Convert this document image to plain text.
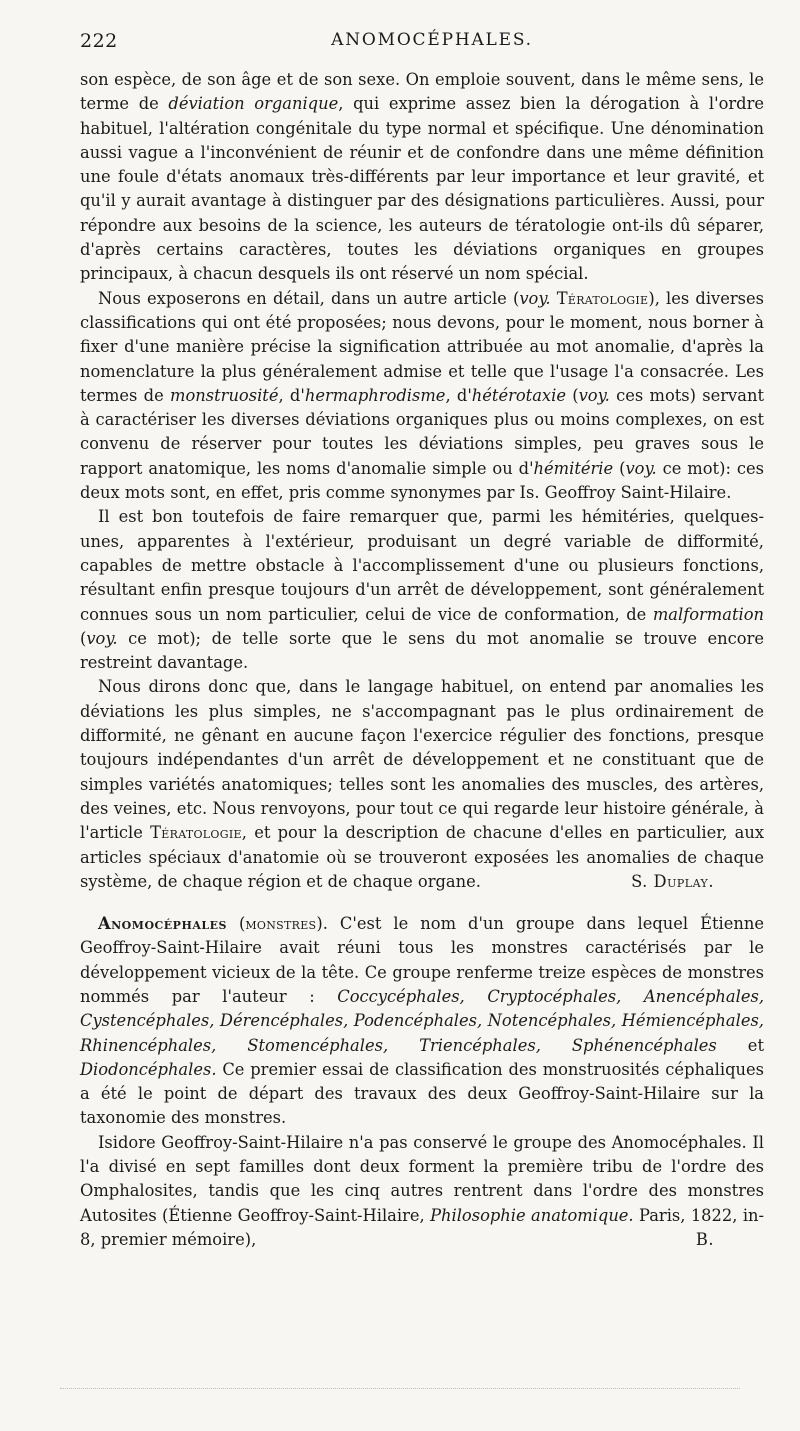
222	ANOMOCÉPHALES.

son espèce, de son âge et de son sexe. On emploie souvent, dans le même sens, le terme de déviation organique, qui exprime assez bien la dérogation à l'ordre habituel, l'altération congénitale du type normal et spécifique. Une dénomination aussi vague a l'inconvénient de réunir et de confondre dans une même définition une foule d'états anomaux très-différents par leur importance et leur gravité, et qu'il y aurait avantage à distinguer par des désignations particulières. Aussi, pour répondre aux besoins de la science, les auteurs de tératologie ont-ils dû séparer, d'après certains caractères, toutes les déviations organiques en groupes principaux, à chacun desquels ils ont réservé un nom spécial.

Nous exposerons en détail, dans un autre article (voy. Tératologie), les diverses classifications qui ont été proposées; nous devons, pour le moment, nous borner à fixer d'une manière précise la signification attribuée au mot anomalie, d'après la nomenclature la plus généralement admise et telle que l'usage l'a consacrée. Les termes de monstruosité, d'hermaphrodisme, d'hétérotaxie (voy. ces mots) servant à caractériser les diverses déviations organiques plus ou moins complexes, on est convenu de réserver pour toutes les déviations simples, peu graves sous le rapport anatomique, les noms d'anomalie simple ou d'hémitérie (voy. ce mot): ces deux mots sont, en effet, pris comme synonymes par Is. Geoffroy Saint-Hilaire.

Il est bon toutefois de faire remarquer que, parmi les hémitéries, quelques-unes, apparentes à l'extérieur, produisant un degré variable de difformité, capables de mettre obstacle à l'accomplissement d'une ou plusieurs fonctions, résultant enfin presque toujours d'un arrêt de développement, sont généralement connues sous un nom particulier, celui de vice de conformation, de malformation (voy. ce mot); de telle sorte que le sens du mot anomalie se trouve encore restreint davantage.

Nous dirons donc que, dans le langage habituel, on entend par anomalies les déviations les plus simples, ne s'accompagnant pas le plus ordinairement de difformité, ne gênant en aucune façon l'exercice régulier des fonctions, presque toujours indépendantes d'un arrêt de développement et ne constituant que de simples variétés anatomiques; telles sont les anomalies des muscles, des artères, des veines, etc. Nous renvoyons, pour tout ce qui regarde leur histoire générale, à l'article Tératologie, et pour la description de chacune d'elles en particulier, aux articles spéciaux d'anatomie où se trouveront exposées les anomalies de chaque système, de chaque région et de chaque organe.	S. Duplay.

Anomocéphales (monstres). C'est le nom d'un groupe dans lequel Étienne Geoffroy-Saint-Hilaire avait réuni tous les monstres caractérisés par le développement vicieux de la tête. Ce groupe renferme treize espèces de monstres nommés par l'auteur : Coccycéphales, Cryptocéphales, Anencéphales, Cystencéphales, Dérencéphales, Podencéphales, Notencéphales, Hémiencéphales, Rhinencéphales, Stomencéphales, Triencéphales, Sphénencéphales et Diodoncéphales. Ce premier essai de classification des monstruosités céphaliques a été le point de départ des travaux des deux Geoffroy-Saint-Hilaire sur la taxonomie des monstres.

Isidore Geoffroy-Saint-Hilaire n'a pas conservé le groupe des Anomocéphales. Il l'a divisé en sept familles dont deux forment la première tribu de l'ordre des Omphalosites, tandis que les cinq autres rentrent dans l'ordre des monstres Autosites (Étienne Geoffroy-Saint-Hilaire, Philosophie anatomique. Paris, 1822, in-8, premier mémoire),	B.
